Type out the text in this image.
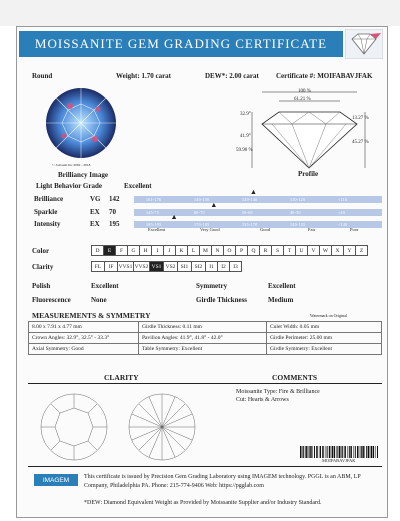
MOISSANITE GEM GRADING CERTIFICATE
Round	Weight: 1.70 carat	DEW*: 2.00 carat Certificate #: MOIFABAVJFAK
© JoxGem Inc 2002 - 2018
Brilliancy Image
100 %
61.21 %
32.9°
41.9°
59.90 %
13.27 %
45.27 %
Profile
Light Behavior Grade	Excellent
Brilliance	VG 142	161-176	140-150	120-140	110-120	<110
▲
Sparkle	EX 70	145-75	60-70	50-60	40-50	<40
▲
Intensity	EX 195	185-195	170-185	155-170	140-155	<140
▲
Excellent	Very Good	Good	Fair	Poor
Color	D	E	F	G	H	I	J	K	L	M	N	O	P	Q	R	S	T	U	V	W	X	Y	Z
Clarity	FL	IF VVS1 VVS2 VS1 VS2 SI1	SI2	I1	I2	I3
Polish	Excellent	Symmetry	Excellent
Fluorescence	None	Girdle Thickness	Medium
MEASUREMENTS & SYMMETRY	Watermark on Original
8.00 x 7.91 x 4.77 mm	Girdle Thickness: 0.11 mm	Culet Width: 0.05 mm
Crown Angles: 32.9°, 32.5° - 33.3°	Pavilion Angles: 41.9°, 41.8° - 42.0°	Girdle Perimeter: 25.00 mm
Axial Symmetry: Good	Table Symmetry: Excellent	Girdle Symmetry: Excellent
CLARITY	COMMENTS
Moissanite Type: Fire & Brilliance
Cut: Hearts & Arrows
MOIFABAVJFAK
IMAGEM	This certificate is issued by Precision Gem Grading Laboratory using IMAGEM technology. PGGL is an ABM, LP
Company, Philadelphia PA. Phone: 215-774-9406 Web: https://pgglab.com
*DEW: Diamond Equivalent Weight as Provided by Moissanite Supplier and/or Industry Standard.
